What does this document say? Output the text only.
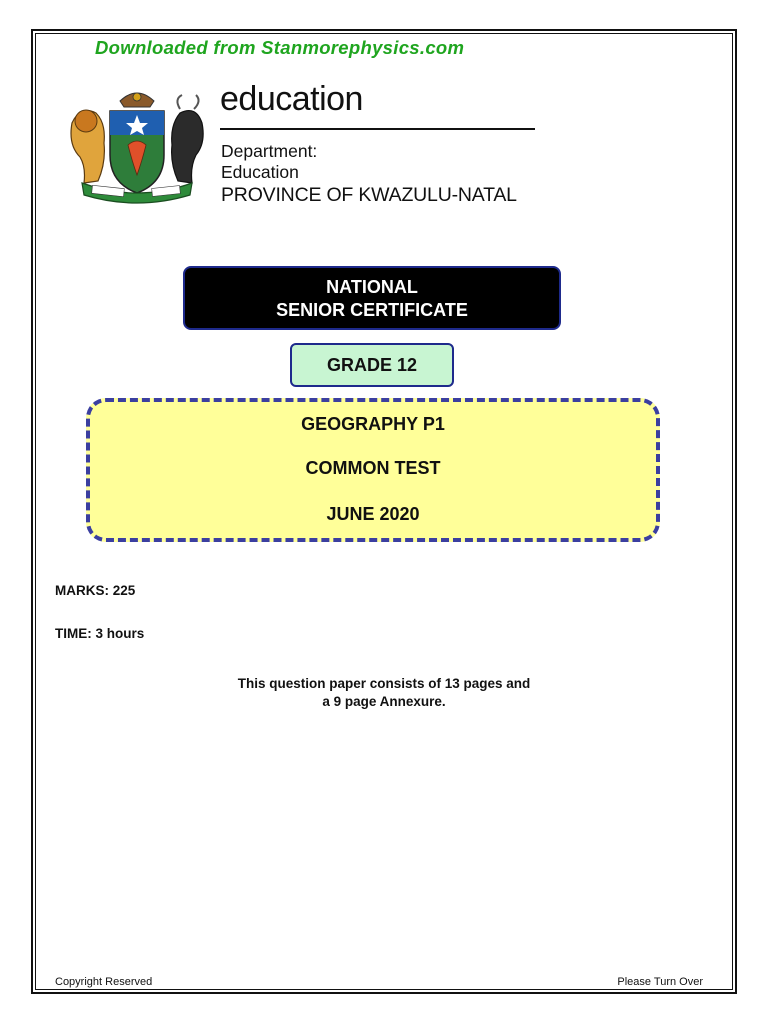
Downloaded from Stanmorephysics.com
education
Department:
Education
PROVINCE OF KWAZULU-NATAL
NATIONAL
SENIOR CERTIFICATE
GRADE 12
GEOGRAPHY P1
COMMON TEST
JUNE 2020
MARKS: 225
TIME: 3 hours
This question paper consists of 13 pages and
a 9 page Annexure.
Copyright Reserved	Please Turn Over
